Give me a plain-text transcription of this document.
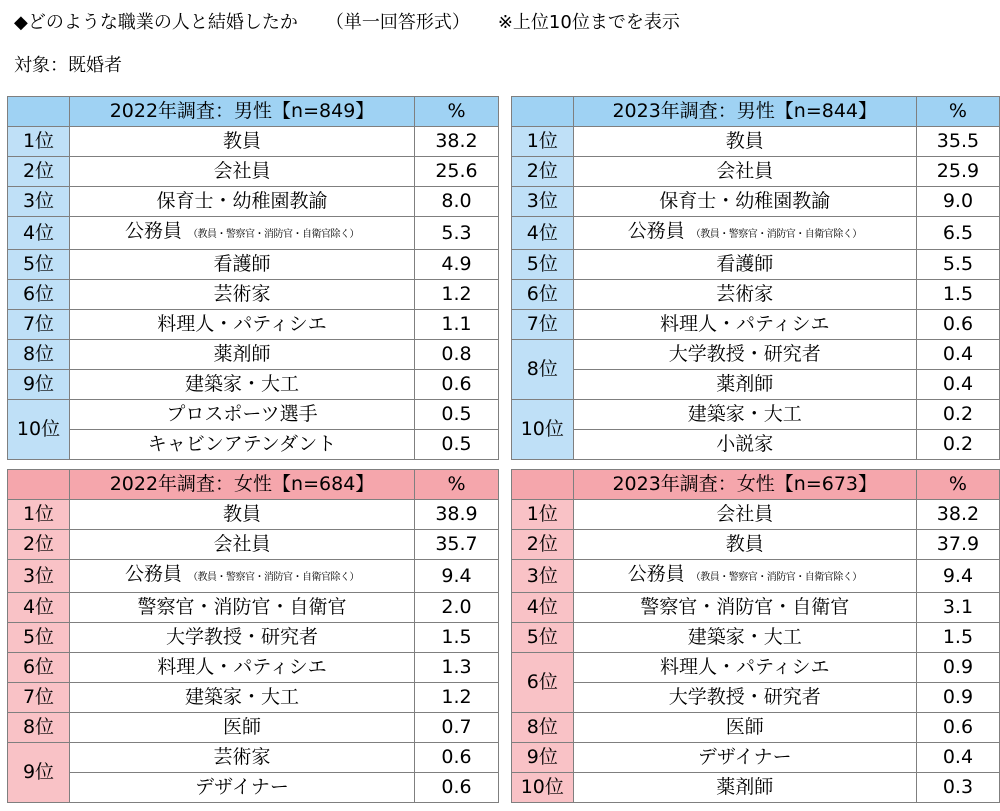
◆どのような職業の人と結婚したか （単一回答形式） ※上位10位までを表示
対象：既婚者
	2022年調査：男性【n=849】	%
1位	教員	38.2
2位	会社員	25.6
3位	保育士・幼稚園教諭	8.0
4位	公務員 （教員・警察官・消防官・自衛官除く）	5.3
5位	看護師	4.9
6位	芸術家	1.2
7位	料理人・パティシエ	1.1
8位	薬剤師	0.8
9位	建築家・大工	0.6
10位	プロスポーツ選手	0.5
	キャビンアテンダント	0.5
	2023年調査：男性【n=844】	%
1位	教員	35.5
2位	会社員	25.9
3位	保育士・幼稚園教諭	9.0
4位	公務員 （教員・警察官・消防官・自衛官除く）	6.5
5位	看護師	5.5
6位	芸術家	1.5
7位	料理人・パティシエ	0.6
8位	大学教授・研究者	0.4
	薬剤師	0.4
10位	建築家・大工	0.2
	小説家	0.2
	2022年調査：女性【n=684】	%
1位	教員	38.9
2位	会社員	35.7
3位	公務員 （教員・警察官・消防官・自衛官除く）	9.4
4位	警察官・消防官・自衛官	2.0
5位	大学教授・研究者	1.5
6位	料理人・パティシエ	1.3
7位	建築家・大工	1.2
8位	医師	0.7
9位	芸術家	0.6
	デザイナー	0.6
	2023年調査：女性【n=673】	%
1位	会社員	38.2
2位	教員	37.9
3位	公務員 （教員・警察官・消防官・自衛官除く）	9.4
4位	警察官・消防官・自衛官	3.1
5位	建築家・大工	1.5
6位	料理人・パティシエ	0.9
	大学教授・研究者	0.9
8位	医師	0.6
9位	デザイナー	0.4
10位	薬剤師	0.3
